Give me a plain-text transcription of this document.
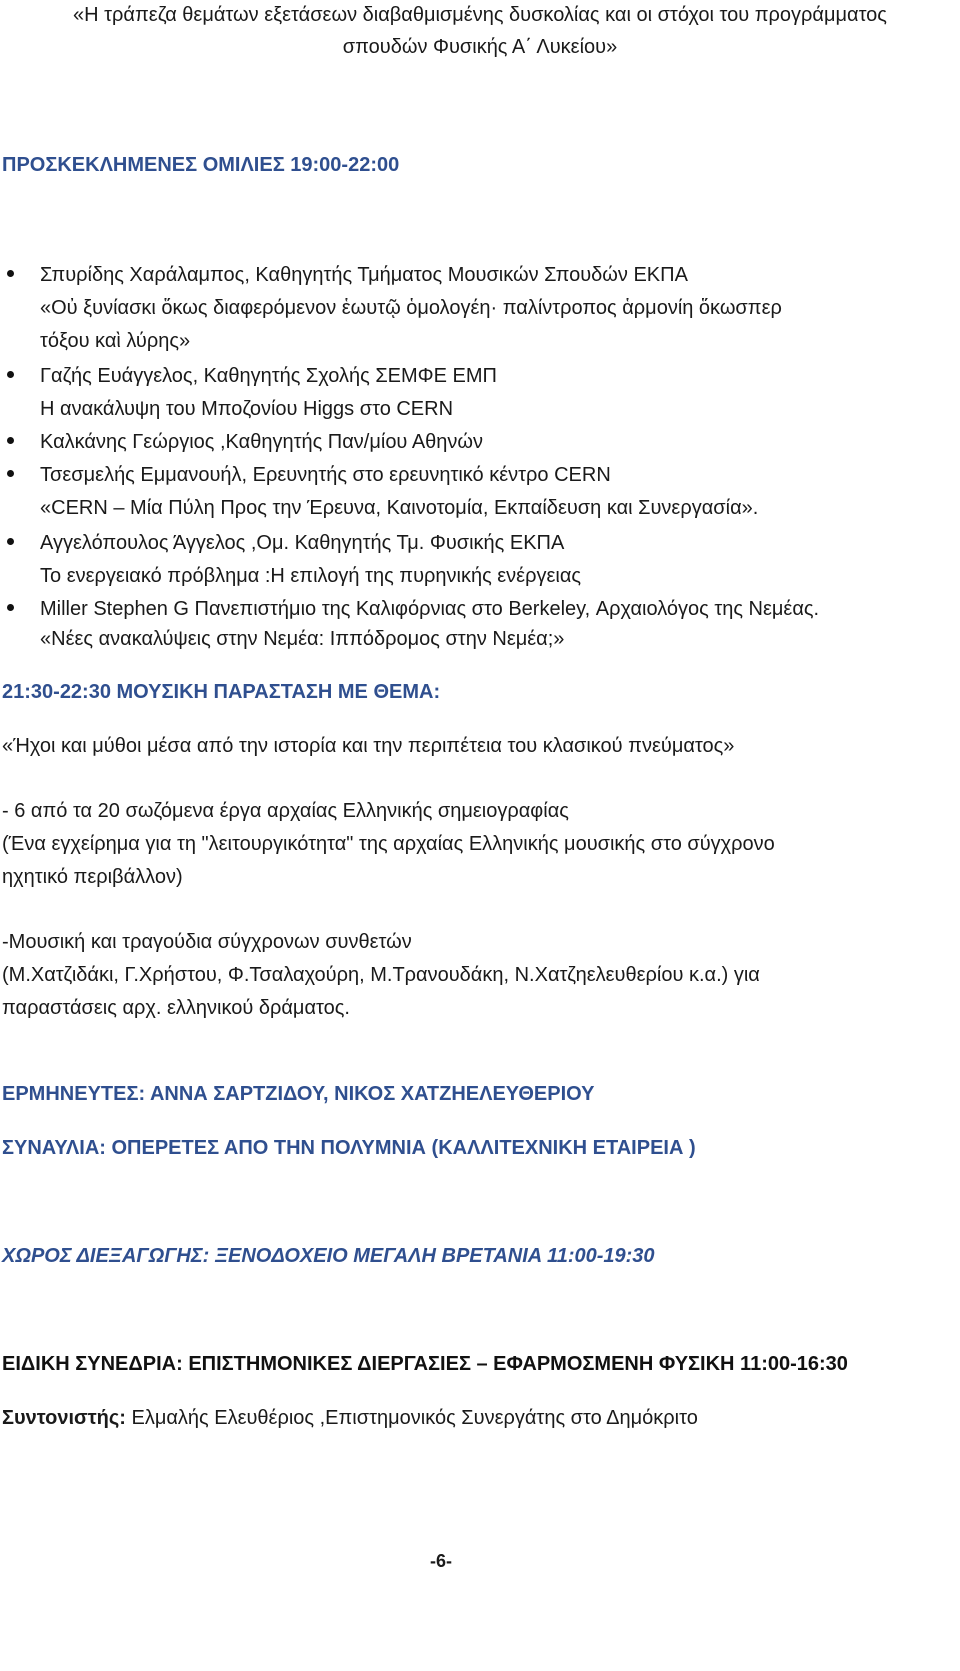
«Η τράπεζα θεμάτων εξετάσεων διαβαθμισμένης δυσκολίας και οι στόχοι του προγράμματος
σπουδών Φυσικής Α΄ Λυκείου»
ΠΡΟΣΚΕΚΛΗΜΕΝΕΣ ΟΜΙΛΙΕΣ 19:00-22:00
Σπυρίδης Χαράλαμπος, Καθηγητής Τμήματος Μουσικών Σπουδών ΕΚΠΑ
«Οὐ ξυνίασκι ὅκως διαφερόμενον ἑωυτῷ ὁμολογέη· παλίντροπος ἁρμονίη ὅκωσπερ
τόξου καὶ λύρης»
Γαζής Ευάγγελος, Καθηγητής Σχολής ΣΕΜΦΕ ΕΜΠ
Η ανακάλυψη του Μποζονίου Higgs στο CERN
Καλκάνης Γεώργιος ,Καθηγητής Παν/μίου Αθηνών
Τσεσμελής Εμμανουήλ, Ερευνητής στο ερευνητικό κέντρο CERN
«CERN – Μία Πύλη Προς την Έρευνα, Καινοτομία, Εκπαίδευση και Συνεργασία».
Αγγελόπουλος Άγγελος ,Ομ. Καθηγητής Τμ. Φυσικής ΕΚΠΑ
Το ενεργειακό πρόβλημα :Η επιλογή της πυρηνικής ενέργειας
Miller Stephen G Πανεπιστήμιο της Καλιφόρνιας στο Berkeley, Αρχαιολόγος της Νεμέας.
«Νέες ανακαλύψεις στην Νεμέα: Ιππόδρομος στην Νεμέα;»
21:30-22:30 ΜΟΥΣΙΚΗ ΠΑΡΑΣΤΑΣΗ ΜΕ ΘΕΜΑ:
«Ήχοι και μύθοι μέσα από την ιστορία και την περιπέτεια του κλασικού πνεύματος»
- 6 από τα 20 σωζόμενα έργα αρχαίας Ελληνικής σημειογραφίας
(Ένα εγχείρημα για τη "λειτουργικότητα" της αρχαίας Ελληνικής μουσικής στο σύγχρονο
ηχητικό περιβάλλον)
-Μουσική και τραγούδια σύγχρονων συνθετών
(Μ.Χατζιδάκι, Γ.Χρήστου, Φ.Τσαλαχούρη, Μ.Τρανουδάκη, Ν.Χατζηελευθερίου κ.α.) για
παραστάσεις αρχ. ελληνικού δράματος.
ΕΡΜΗΝΕΥΤΕΣ: ΑΝΝΑ ΣΑΡΤΖΙΔΟΥ, ΝΙΚΟΣ ΧΑΤΖΗΕΛΕΥΘΕΡΙΟΥ
ΣΥΝΑΥΛΙΑ: ΟΠΕΡΕΤΕΣ ΑΠΟ ΤΗΝ ΠΟΛΥΜΝΙΑ (ΚΑΛΛΙΤΕΧΝΙΚΗ ΕΤΑΙΡΕΙΑ )
ΧΩΡΟΣ ΔΙΕΞΑΓΩΓΗΣ: ΞΕΝΟΔΟΧΕΙΟ ΜΕΓΑΛΗ ΒΡΕΤΑΝΙΑ 11:00-19:30
ΕΙΔΙΚΗ ΣΥΝΕΔΡΙΑ: ΕΠΙΣΤΗΜΟΝΙΚΕΣ ΔΙΕΡΓΑΣΙΕΣ – ΕΦΑΡΜΟΣΜΕΝΗ ΦΥΣΙΚΗ 11:00-16:30
Συντονιστής: Ελμαλής Ελευθέριος ,Επιστημονικός Συνεργάτης στο Δημόκριτο
-6-
